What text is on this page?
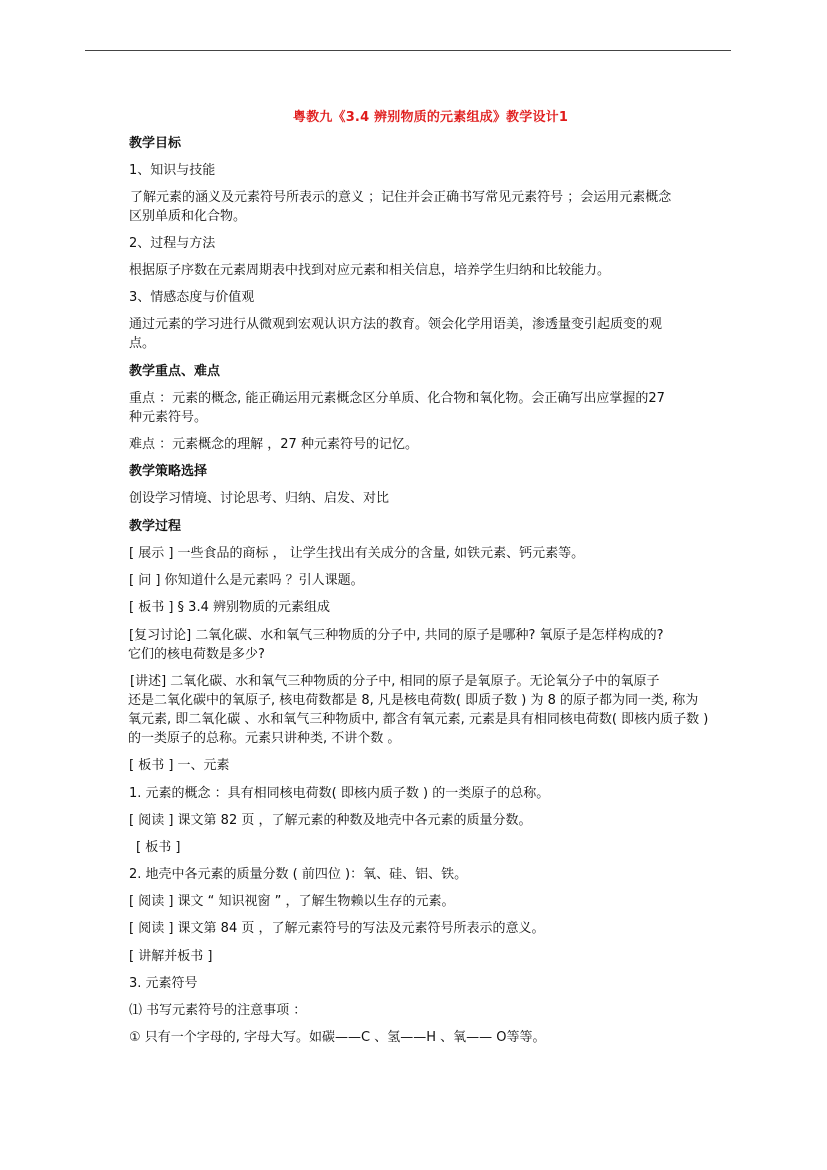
粤教九《3.4 辨别物质的元素组成》教学设计1
教学目标
1、知识与技能
了解元素的涵义及元素符号所表示的意义 ；记住并会正确书写常见元素符号 ；会运用元素概念
区别单质和化合物。
2、过程与方法
根据原子序数在元素周期表中找到对应元素和相关信息，培养学生归纳和比较能力。
3、情感态度与价值观
通过元素的学习进行从微观到宏观认识方法的教育。领会化学用语美，渗透量变引起质变的观
点。
教学重点、难点
重点 ：元素的概念, 能正确运用元素概念区分单质、化合物和氧化物。会正确写出应掌握的27
种元素符号。
难点 ：元素概念的理解 ，27 种元素符号的记忆。
教学策略选择
创设学习情境、讨论思考、归纳、启发、对比
教学过程
[ 展示 ] 一些食品的商标 ， 让学生找出有关成分的含量, 如铁元素、钙元素等。
[ 问 ] 你知道什么是元素吗 ？引人课题。
[ 板书 ] § 3.4 辨别物质的元素组成
[复习讨论] 二氧化碳、水和氧气三种物质的分子中, 共同的原子是哪种? 氧原子是怎样构成的?
它们的核电荷数是多少?
[讲述] 二氧化碳、水和氧气三种物质的分子中, 相同的原子是氧原子。无论氧分子中的氧原子
还是二氧化碳中的氧原子, 核电荷数都是 8, 凡是核电荷数( 即质子数 ) 为 8 的原子都为同一类, 称为
氧元素, 即二氧化碳 、水和氧气三种物质中, 都含有氧元素, 元素是具有相同核电荷数( 即核内质子数 )
的一类原子的总称。元素只讲种类, 不讲个数 。
[ 板书 ] 一、元素
1. 元素的概念 ：具有相同核电荷数( 即核内质子数 ) 的一类原子的总称。
[ 阅读 ] 课文第 82 页 ，了解元素的种数及地壳中各元素的质量分数。
[ 板书 ]
2. 地壳中各元素的质量分数 ( 前四位 )：氧、硅、铝、铁。
[ 阅读 ] 课文 “ 知识视窗 ” ，了解生物赖以生存的元素。
[ 阅读 ] 课文第 84 页 ，了解元素符号的写法及元素符号所表示的意义。
[ 讲解并板书 ]
3. 元素符号
⑴ 书写元素符号的注意事项 ：
① 只有一个字母的, 字母大写。如碳——C 、氢——H 、氧—— O等等。
